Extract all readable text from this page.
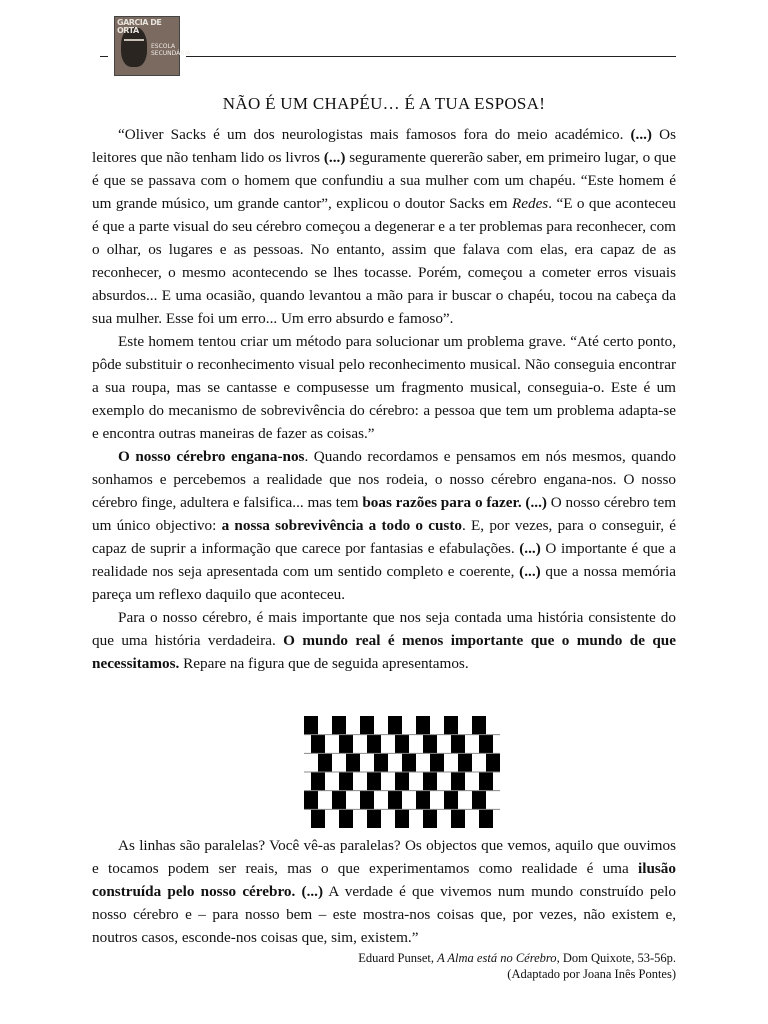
GARCIA DE ORTA
ESCOLA SECUNDÁRIA
NÃO É UM CHAPÉU… É A TUA ESPOSA!

“Oliver Sacks é um dos neurologistas mais famosos fora do meio académico. (...) Os leitores que não tenham lido os livros (...) seguramente quererão saber, em primeiro lugar, o que é que se passava com o homem que confundiu a sua mulher com um chapéu. “Este homem é um grande músico, um grande cantor”, explicou o doutor Sacks em Redes. “E o que aconteceu é que a parte visual do seu cérebro começou a degenerar e a ter problemas para reconhecer, com o olhar, os lugares e as pessoas. No entanto, assim que falava com elas, era capaz de as reconhecer, o mesmo acontecendo se lhes tocasse. Porém, começou a cometer erros visuais absurdos... E uma ocasião, quando levantou a mão para ir buscar o chapéu, tocou na cabeça da sua mulher. Esse foi um erro... Um erro absurdo e famoso”.

Este homem tentou criar um método para solucionar um problema grave. “Até certo ponto, pôde substituir o reconhecimento visual pelo reconhecimento musical. Não conseguia encontrar a sua roupa, mas se cantasse e compusesse um fragmento musical, conseguia-o. Este é um exemplo do mecanismo de sobrevivência do cérebro: a pessoa que tem um problema adapta-se e encontra outras maneiras de fazer as coisas.”

O nosso cérebro engana-nos. Quando recordamos e pensamos em nós mesmos, quando sonhamos e percebemos a realidade que nos rodeia, o nosso cérebro engana-nos. O nosso cérebro finge, adultera e falsifica... mas tem boas razões para o fazer. (...) O nosso cérebro tem um único objectivo: a nossa sobrevivência a todo o custo. E, por vezes, para o conseguir, é capaz de suprir a informação que carece por fantasias e efabulações. (...) O importante é que a realidade nos seja apresentada com um sentido completo e coerente, (...) que a nossa memória pareça um reflexo daquilo que aconteceu.

Para o nosso cérebro, é mais importante que nos seja contada uma história consistente do que uma história verdadeira. O mundo real é menos importante que o mundo de que necessitamos. Repare na figura que de seguida apresentamos.

As linhas são paralelas? Você vê-as paralelas? Os objectos que vemos, aquilo que ouvimos e tocamos podem ser reais, mas o que experimentamos como realidade é uma ilusão construída pelo nosso cérebro. (...) A verdade é que vivemos num mundo construído pelo nosso cérebro e – para nosso bem – este mostra-nos coisas que, por vezes, não existem e, noutros casos, esconde-nos coisas que, sim, existem.”

Eduard Punset, A Alma está no Cérebro, Dom Quixote, 53-56p.
(Adaptado por Joana Inês Pontes)
